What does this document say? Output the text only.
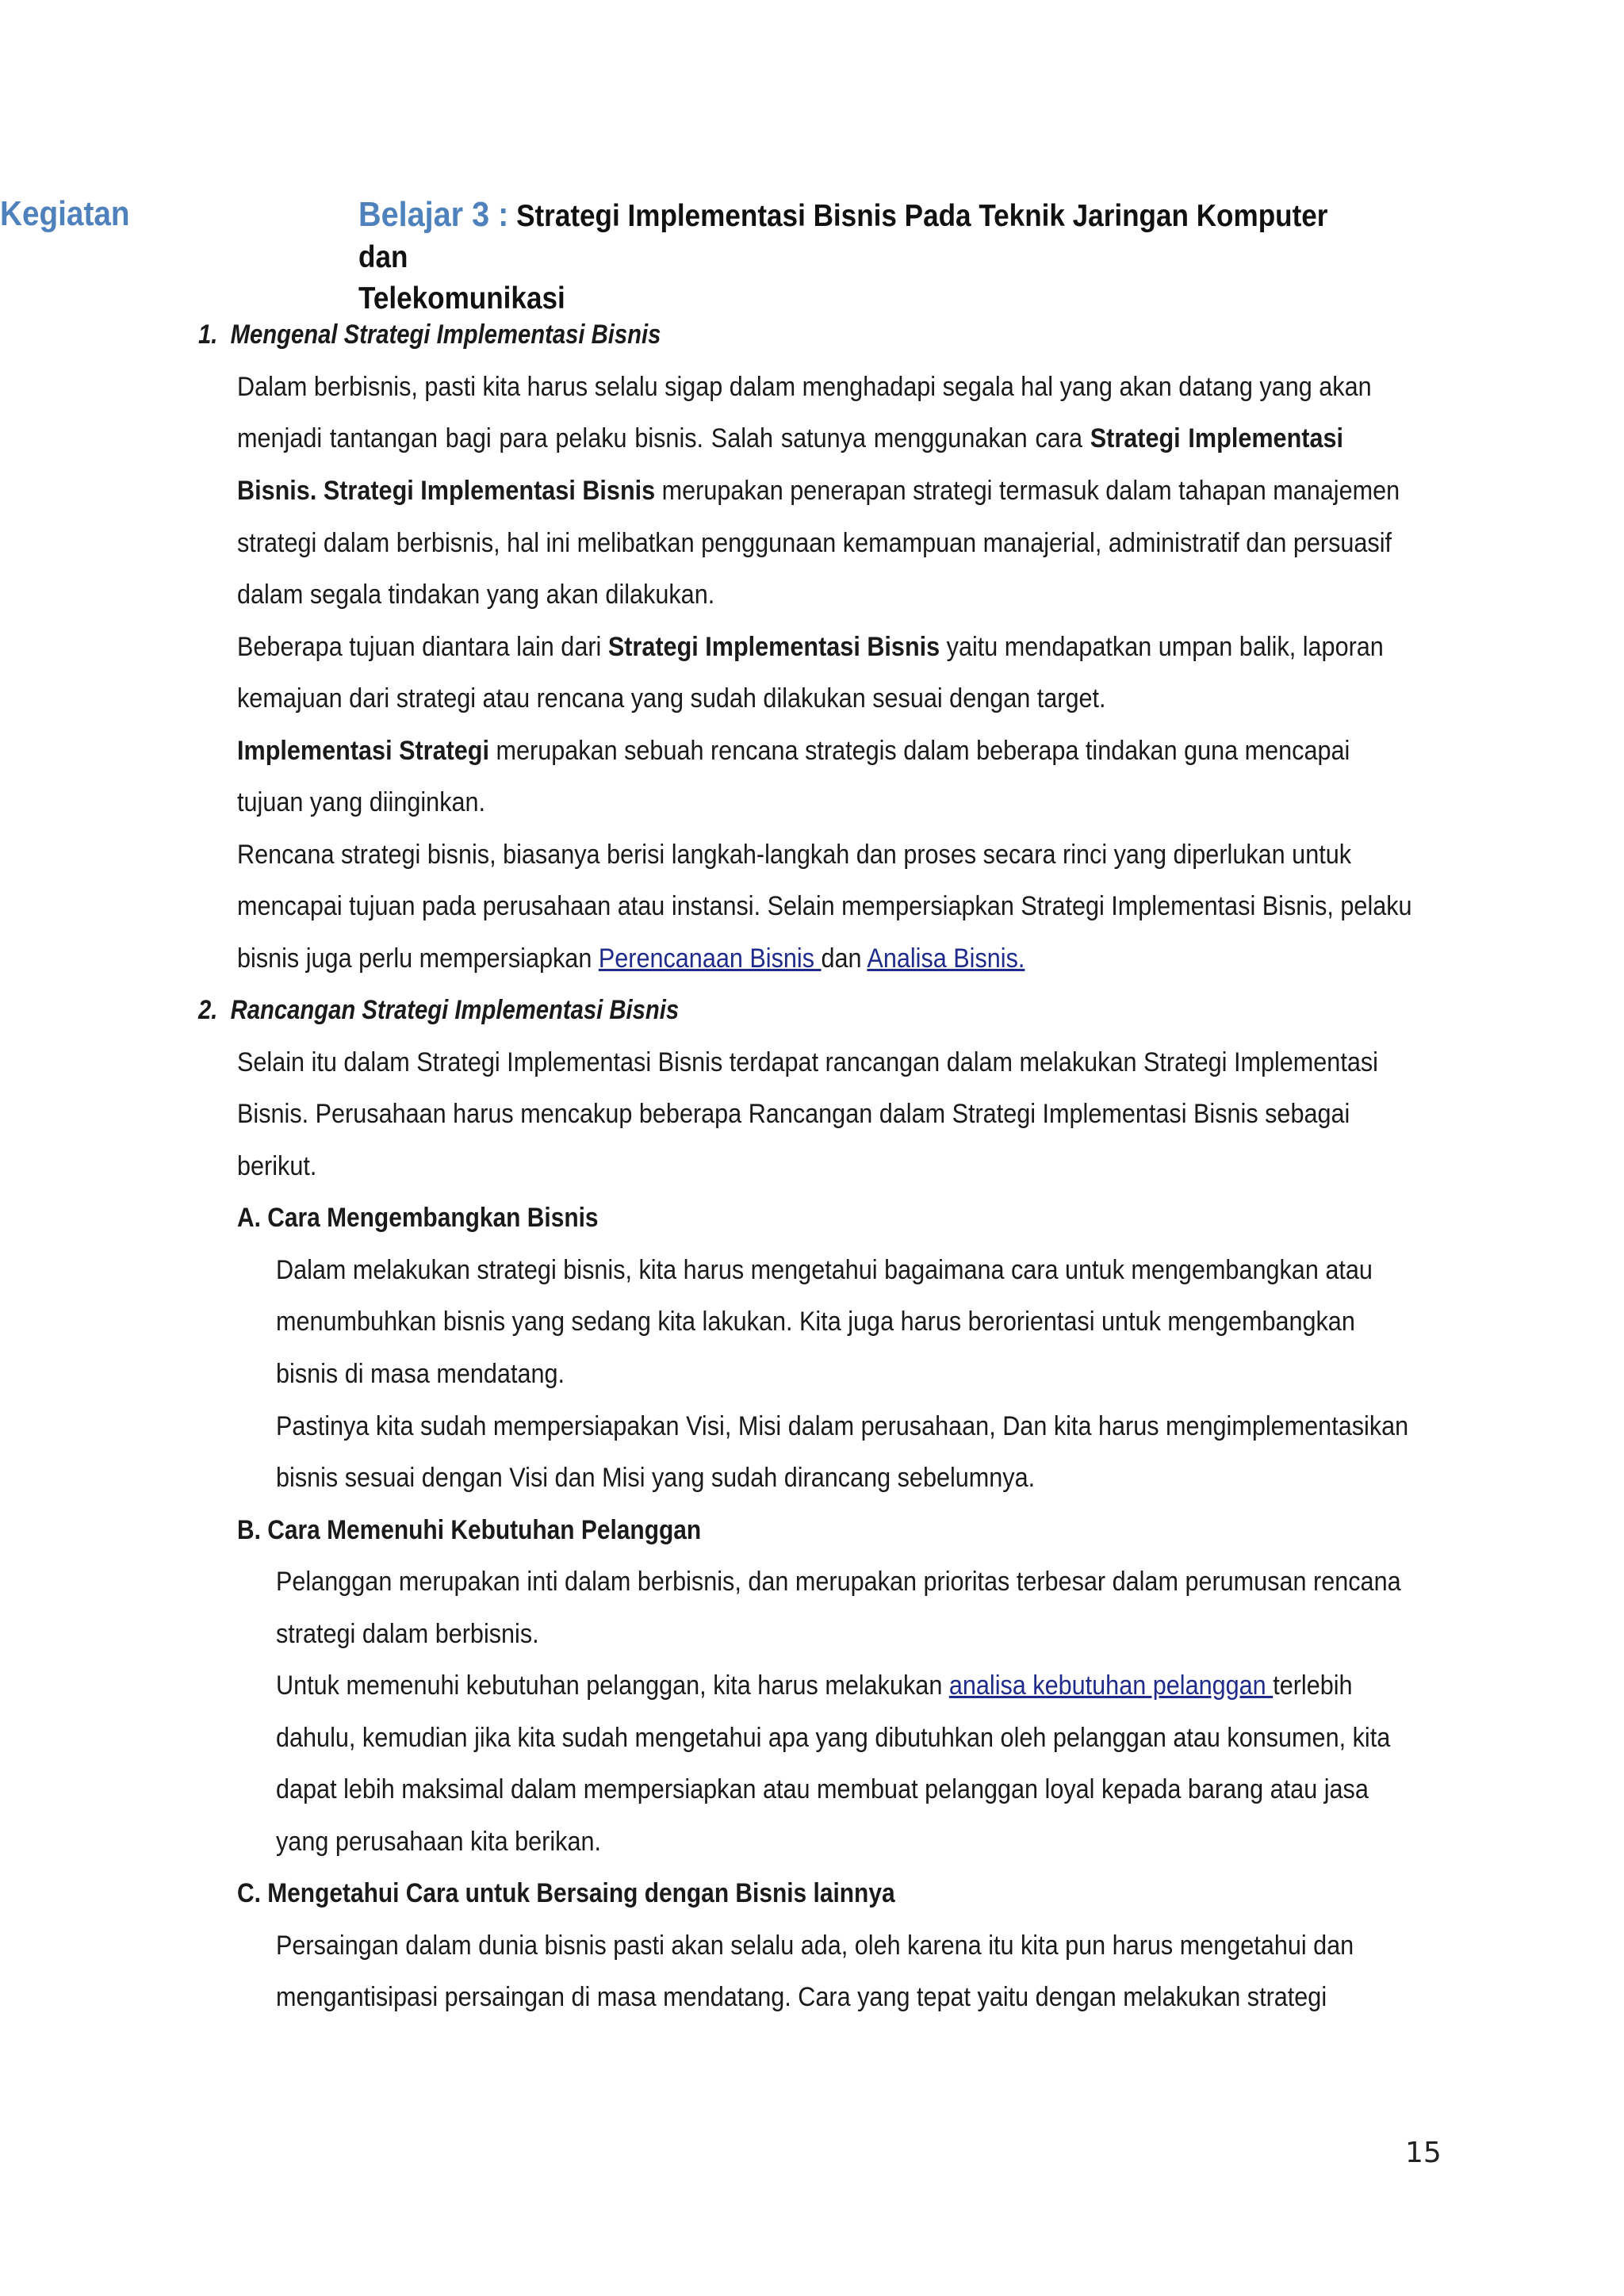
Kegiatan	Belajar 3 : Strategi Implementasi Bisnis Pada Teknik Jaringan Komputer dan
Telekomunikasi
1. Mengenal Strategi Implementasi Bisnis
Dalam berbisnis, pasti kita harus selalu sigap dalam menghadapi segala hal yang akan datang yang akan
menjadi tantangan bagi para pelaku bisnis. Salah satunya menggunakan cara Strategi Implementasi
Bisnis. Strategi Implementasi Bisnis merupakan penerapan strategi termasuk dalam tahapan manajemen
strategi dalam berbisnis, hal ini melibatkan penggunaan kemampuan manajerial, administratif dan persuasif
dalam segala tindakan yang akan dilakukan.
Beberapa tujuan diantara lain dari Strategi Implementasi Bisnis yaitu mendapatkan umpan balik, laporan
kemajuan dari strategi atau rencana yang sudah dilakukan sesuai dengan target.
Implementasi Strategi merupakan sebuah rencana strategis dalam beberapa tindakan guna mencapai
tujuan yang diinginkan.
Rencana strategi bisnis, biasanya berisi langkah-langkah dan proses secara rinci yang diperlukan untuk
mencapai tujuan pada perusahaan atau instansi. Selain mempersiapkan Strategi Implementasi Bisnis, pelaku
bisnis juga perlu mempersiapkan Perencanaan Bisnis dan Analisa Bisnis.
2. Rancangan Strategi Implementasi Bisnis
Selain itu dalam Strategi Implementasi Bisnis terdapat rancangan dalam melakukan Strategi Implementasi
Bisnis. Perusahaan harus mencakup beberapa Rancangan dalam Strategi Implementasi Bisnis sebagai
berikut.
A. Cara Mengembangkan Bisnis
Dalam melakukan strategi bisnis, kita harus mengetahui bagaimana cara untuk mengembangkan atau
menumbuhkan bisnis yang sedang kita lakukan. Kita juga harus berorientasi untuk mengembangkan
bisnis di masa mendatang.
Pastinya kita sudah mempersiapakan Visi, Misi dalam perusahaan, Dan kita harus mengimplementasikan
bisnis sesuai dengan Visi dan Misi yang sudah dirancang sebelumnya.
B. Cara Memenuhi Kebutuhan Pelanggan
Pelanggan merupakan inti dalam berbisnis, dan merupakan prioritas terbesar dalam perumusan rencana
strategi dalam berbisnis.
Untuk memenuhi kebutuhan pelanggan, kita harus melakukan analisa kebutuhan pelanggan terlebih
dahulu, kemudian jika kita sudah mengetahui apa yang dibutuhkan oleh pelanggan atau konsumen, kita
dapat lebih maksimal dalam mempersiapkan atau membuat pelanggan loyal kepada barang atau jasa
yang perusahaan kita berikan.
C. Mengetahui Cara untuk Bersaing dengan Bisnis lainnya
Persaingan dalam dunia bisnis pasti akan selalu ada, oleh karena itu kita pun harus mengetahui dan
mengantisipasi persaingan di masa mendatang. Cara yang tepat yaitu dengan melakukan strategi
15
